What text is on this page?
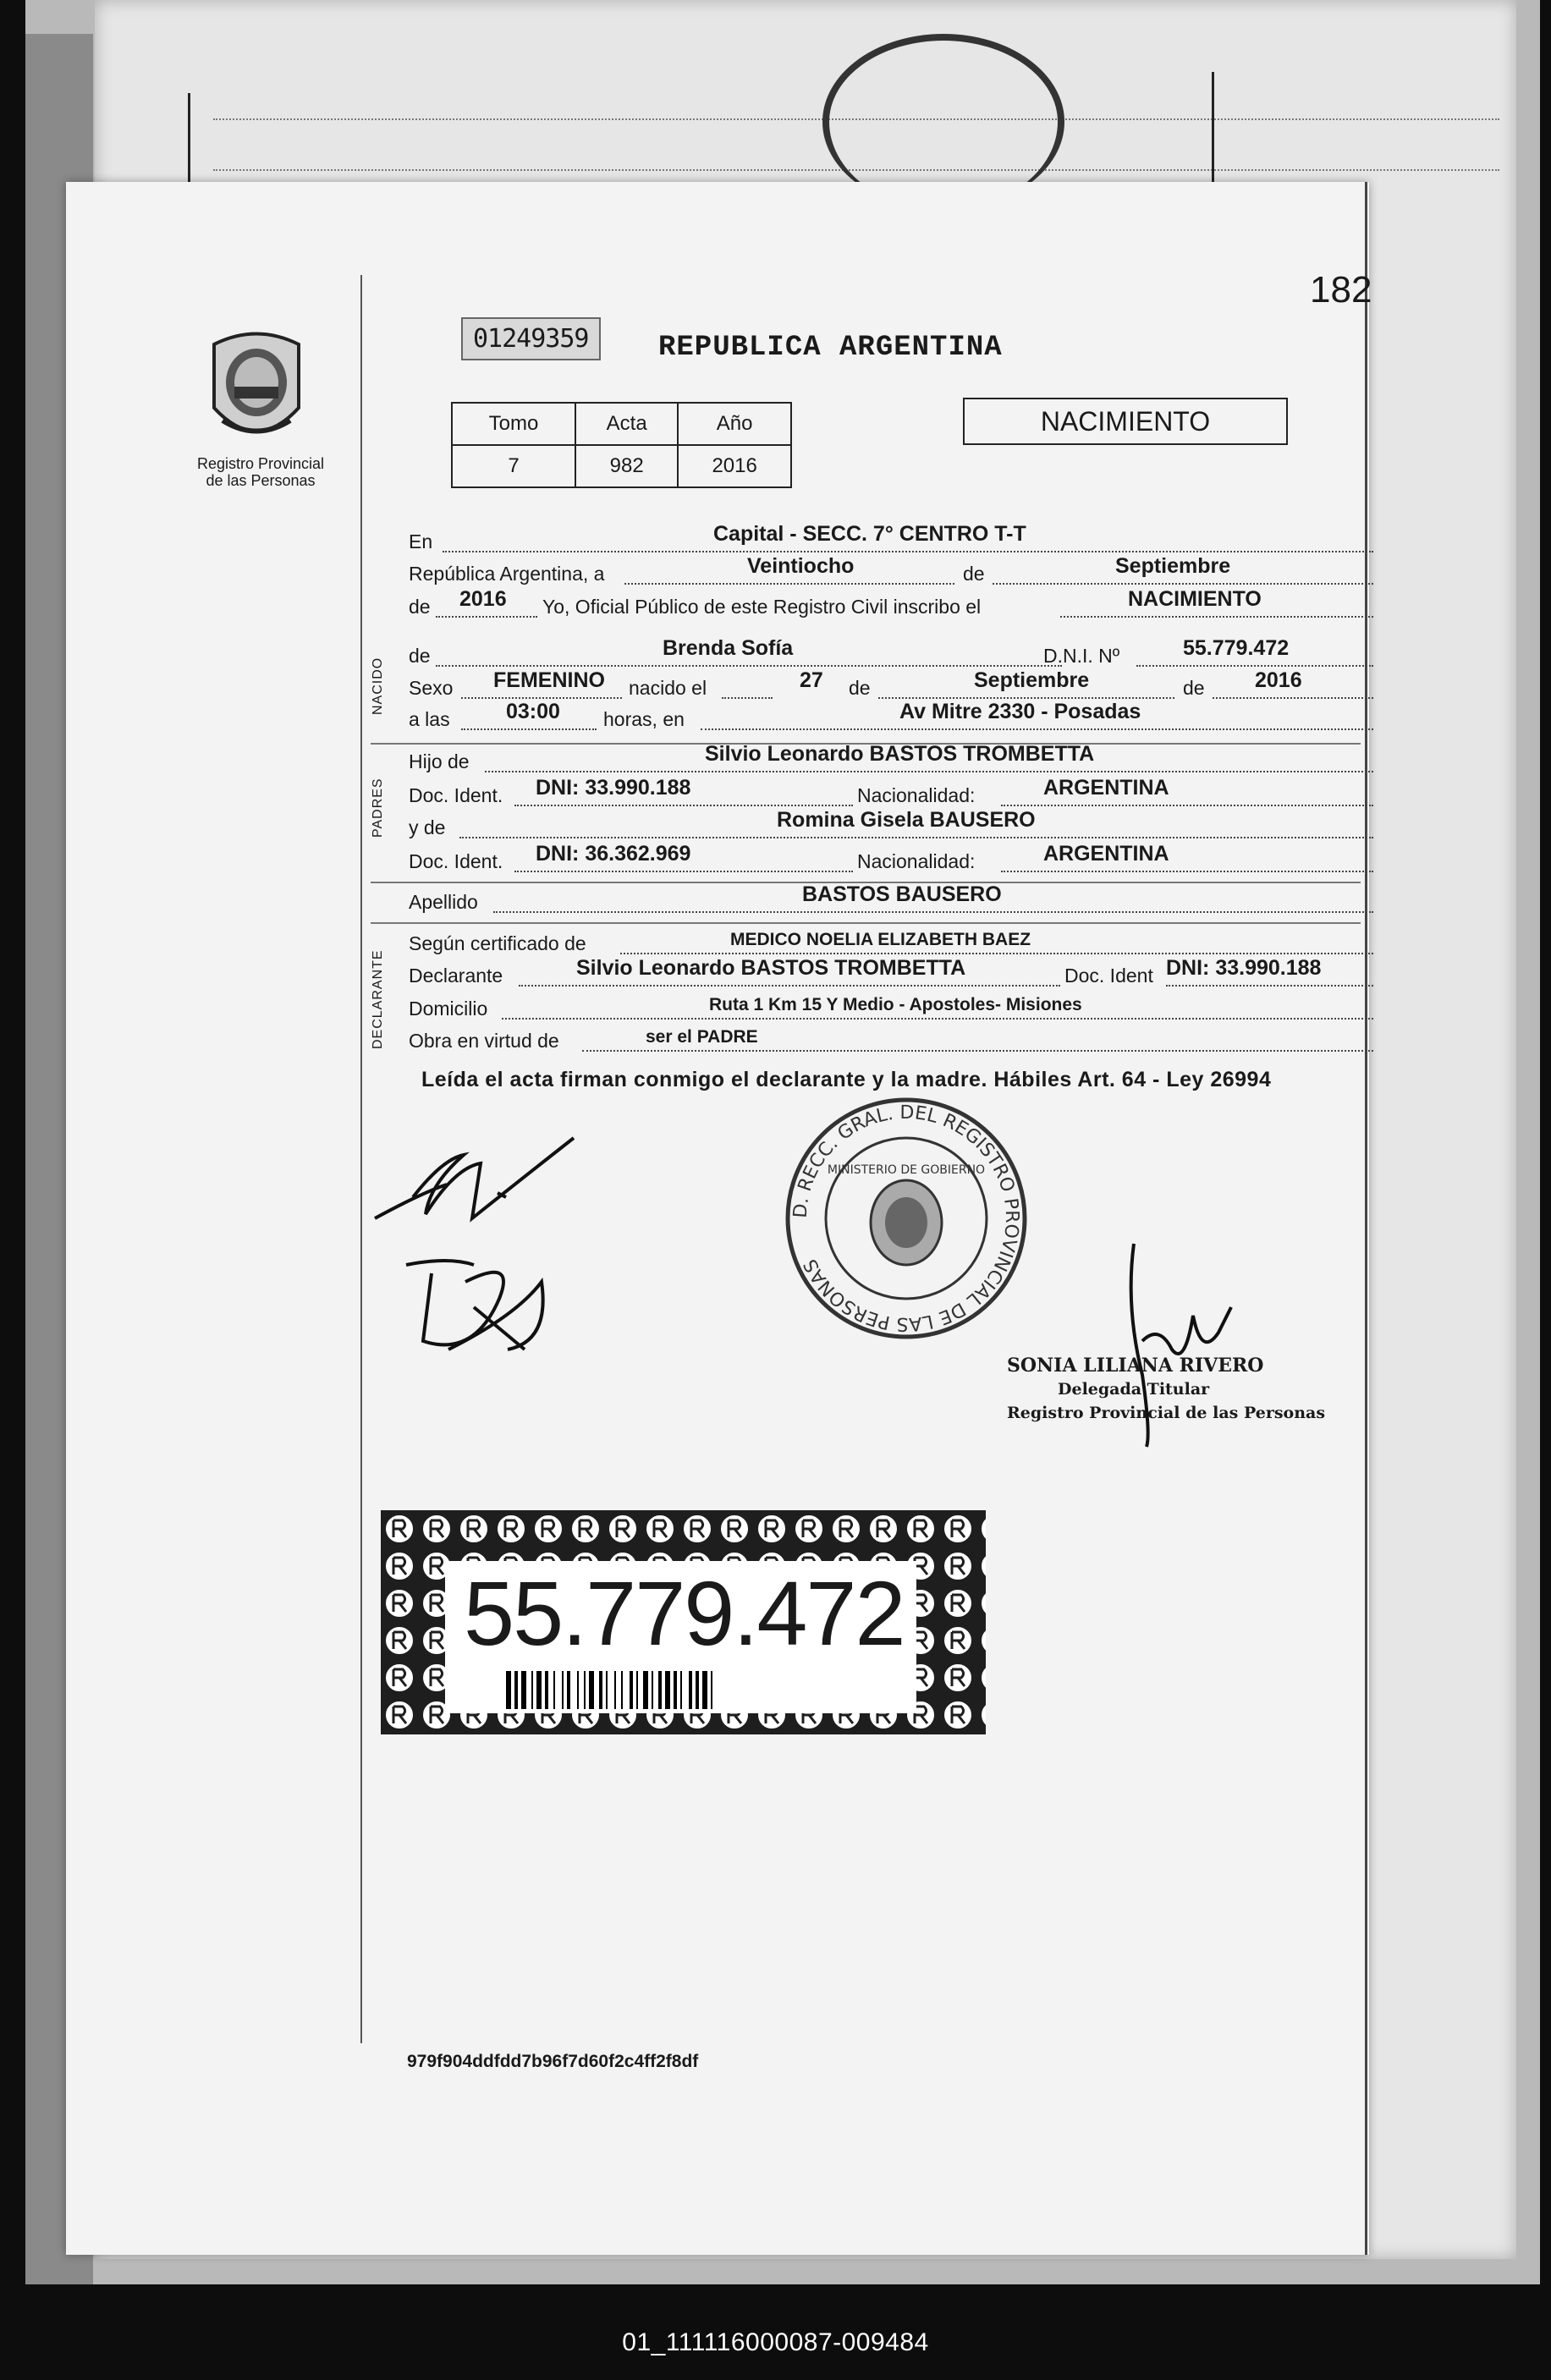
182
Registro Provincial
de las Personas
01249359	REPUBLICA ARGENTINA
Tomo	Acta	Año
7	982	2016
NACIMIENTO
En	Capital - SECC. 7° CENTRO T-T
República Argentina, a	Veintiocho	de	Septiembre
de 2016 Yo, Oficial Público de este Registro Civil inscribo el	NACIMIENTO
NACIDO
de	Brenda Sofía	D.N.I. Nº	55.779.472
Sexo FEMENINO nacido el	27 de	Septiembre	de 2016
a las	03:00 horas, en	Av Mitre 2330 - Posadas
PADRES
Hijo de	Silvio Leonardo BASTOS TROMBETTA
Doc. Ident. DNI: 33.990.188	Nacionalidad:	ARGENTINA
y de	Romina Gisela BAUSERO
Doc. Ident. DNI: 36.362.969	Nacionalidad:	ARGENTINA
Apellido	BASTOS BAUSERO
DECLARANTE
Según certificado de	MEDICO NOELIA ELIZABETH BAEZ
Declarante	Silvio Leonardo BASTOS TROMBETTA	Doc. Ident DNI: 33.990.188
Domicilio	Ruta 1 Km 15 Y Medio - Apostoles- Misiones
Obra en virtud de	ser el PADRE
Leída el acta firman conmigo el declarante y la madre. Hábiles Art. 64 - Ley 26994
D. RECC. GRAL. DEL REGISTRO PROVINCIAL DE LAS PERSONAS
MINISTERIO DE GOBIERNO
SONIA LILIANA RIVERO
Delegada Titular
Registro Provincial de las Personas
55.779.472
979f904ddfdd7b96f7d60f2c4ff2f8df
01_111116000087-009484
